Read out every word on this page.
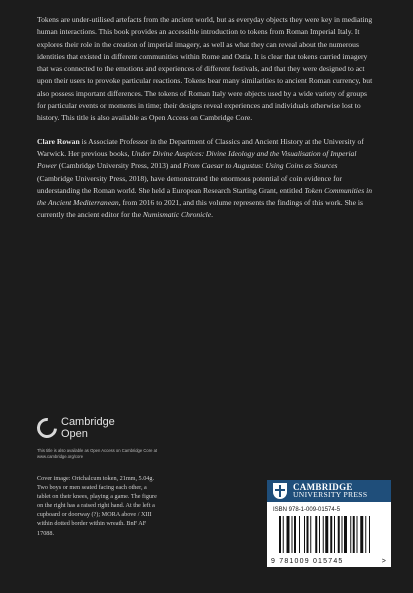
Tokens are under-utilised artefacts from the ancient world, but as everyday objects they were key in mediating human interactions. This book provides an accessible introduction to tokens from Roman Imperial Italy. It explores their role in the creation of imperial imagery, as well as what they can reveal about the numerous identities that existed in different communities within Rome and Ostia. It is clear that tokens carried imagery that was connected to the emotions and experiences of different festivals, and that they were designed to act upon their users to provoke particular reactions. Tokens bear many similarities to ancient Roman currency, but also possess important differences. The tokens of Roman Italy were objects used by a wide variety of groups for particular events or moments in time; their designs reveal experiences and individuals otherwise lost to history. This title is also available as Open Access on Cambridge Core.

Clare Rowan is Associate Professor in the Department of Classics and Ancient History at the University of Warwick. Her previous books, Under Divine Auspices: Divine Ideology and the Visualisation of Imperial Power (Cambridge University Press, 2013) and From Caesar to Augustus: Using Coins as Sources (Cambridge University Press, 2018), have demonstrated the enormous potential of coin evidence for understanding the Roman world. She held a European Research Starting Grant, entitled Token Communities in the Ancient Mediterranean, from 2016 to 2021, and this volume represents the findings of this work. She is currently the ancient editor for the Numismatic Chronicle.

Cambridge
Open
This title is also available as Open Access on Cambridge Core at www.cambridge.org/core
Cover image: Orichalcum token, 21mm, 5.04g. Two boys or men seated facing each other, a tablet on their knees, playing a game. The figure on the right has a raised right hand. At the left a cupboard or doorway (?); MORA above / XIII within dotted border within wreath. BnF AF 17088.
CAMBRIDGE
UNIVERSITY PRESS
ISBN 978-1-009-01574-5
9 781009 015745	>
